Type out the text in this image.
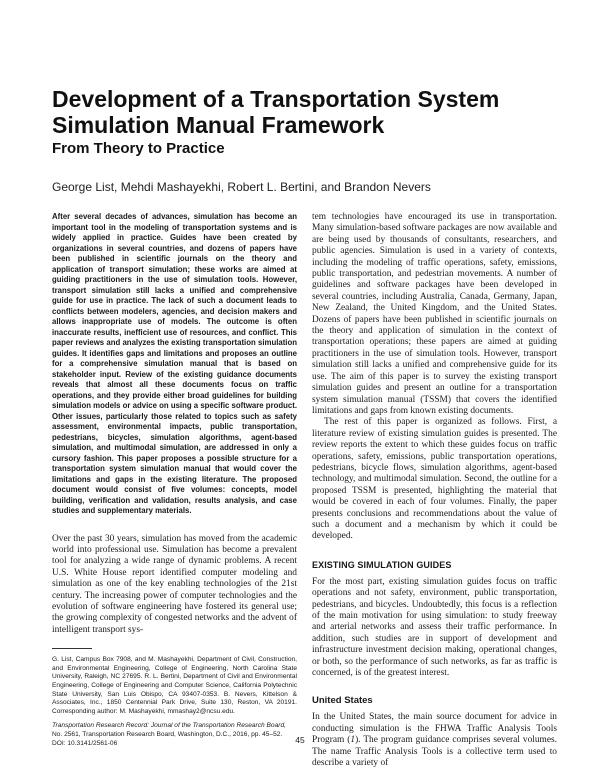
Development of a Transportation System Simulation Manual Framework
From Theory to Practice
George List, Mehdi Mashayekhi, Robert L. Bertini, and Brandon Nevers

After several decades of advances, simulation has become an important tool in the modeling of transportation systems and is widely applied in practice. Guides have been created by organizations in several countries, and dozens of papers have been published in scientific journals on the theory and application of transport simulation; these works are aimed at guiding practitioners in the use of simulation tools. However, transport simulation still lacks a unified and comprehensive guide for use in practice. The lack of such a document leads to conflicts between modelers, agencies, and decision makers and allows inappropriate use of models. The outcome is often inaccurate results, inefficient use of resources, and conflict. This paper reviews and analyzes the existing transportation simulation guides. It identifies gaps and limitations and proposes an outline for a comprehensive simulation manual that is based on stakeholder input. Review of the existing guidance documents reveals that almost all these documents focus on traffic operations, and they provide either broad guidelines for building simulation models or advice on using a specific software product. Other issues, particularly those related to topics such as safety assessment, environmental impacts, public transportation, pedestrians, bicycles, simulation algorithms, agent-based simulation, and multimodal simulation, are addressed in only a cursory fashion. This paper proposes a possible structure for a transportation system simulation manual that would cover the limitations and gaps in the existing literature. The proposed document would consist of five volumes: concepts, model building, verification and validation, results analysis, and case studies and supplementary materials.

Over the past 30 years, simulation has moved from the academic world into professional use. Simulation has become a prevalent tool for analyzing a wide range of dynamic problems. A recent U.S. White House report identified computer modeling and simulation as one of the key enabling technologies of the 21st century. The increasing power of computer technologies and the evolution of software engineering have fostered its general use; the growing complexity of congested networks and the advent of intelligent transport sys-

G. List, Campus Box 7908, and M. Mashayekhi, Department of Civil, Construction, and Environmental Engineering, College of Engineering, North Carolina State University, Raleigh, NC 27695. R. L. Bertini, Department of Civil and Environmental Engineering, College of Engineering and Computer Science, California Polytechnic State University, San Luis Obispo, CA 93407-0353. B. Nevers, Kittelson & Associates, Inc., 1850 Centennial Park Drive, Suite 130, Reston, VA 20191. Corresponding author: M. Mashayekhi, mmashay2@ncsu.edu.

Transportation Research Record: Journal of the Transportation Research Board, No. 2561, Transportation Research Board, Washington, D.C., 2016, pp. 45–52.
DOI: 10.3141/2561-06

tem technologies have encouraged its use in transportation. Many simulation-based software packages are now available and are being used by thousands of consultants, researchers, and public agencies. Simulation is used in a variety of contexts, including the modeling of traffic operations, safety, emissions, public transportation, and pedestrian movements. A number of guidelines and software packages have been developed in several countries, including Australia, Canada, Germany, Japan, New Zealand, the United Kingdom, and the United States. Dozens of papers have been published in scientific journals on the theory and application of simulation in the context of transportation operations; these papers are aimed at guiding practitioners in the use of simulation tools. However, transport simulation still lacks a unified and comprehensive guide for its use. The aim of this paper is to survey the existing transport simulation guides and present an outline for a transportation system simulation manual (TSSM) that covers the identified limitations and gaps from known existing documents.

The rest of this paper is organized as follows. First, a literature review of existing simulation guides is presented. The review reports the extent to which these guides focus on traffic operations, safety, emissions, public transportation operations, pedestrians, bicycle flows, simulation algorithms, agent-based technology, and multimodal simulation. Second, the outline for a proposed TSSM is presented, highlighting the material that would be covered in each of four volumes. Finally, the paper presents conclusions and recommendations about the value of such a document and a mechanism by which it could be developed.

EXISTING SIMULATION GUIDES

For the most part, existing simulation guides focus on traffic operations and not safety, environment, public transportation, pedestrians, and bicycles. Undoubtedly, this focus is a reflection of the main motivation for using simulation: to study freeway and arterial networks and assess their traffic performance. In addition, such studies are in support of development and infrastructure investment decision making, operational changes, or both, so the performance of such networks, as far as traffic is concerned, is of the greatest interest.

United States

In the United States, the main source document for advice in conducting simulation is the FHWA Traffic Analysis Tools Program (1). The program guidance comprises several volumes. The name Traffic Analysis Tools is a collective term used to describe a variety of

45
